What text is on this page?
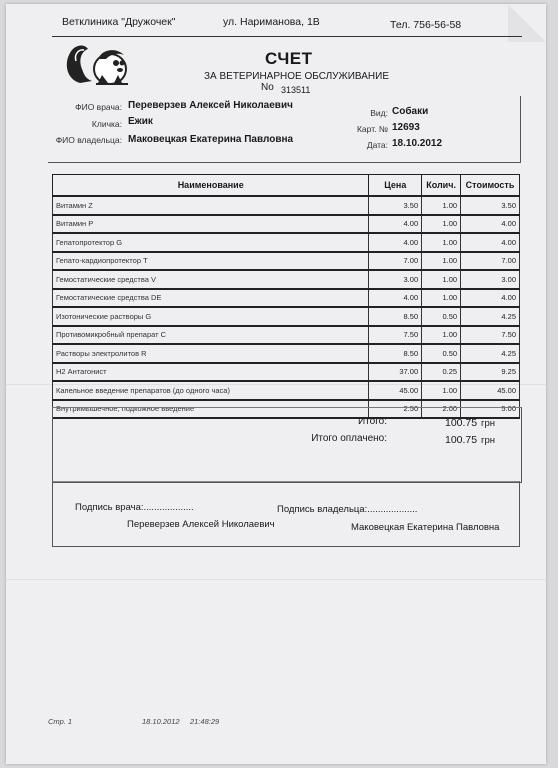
Ветклиника "Дружочек"	ул. Нариманова, 1В	Тел. 756-56-58
СЧЕТ
ЗА ВЕТЕРИНАРНОЕ ОБСЛУЖИВАНИЕ
No 313511
ФИО врача: Переверзев Алексей Николаевич
Кличка: Ежик
ФИО владельца: Маковецкая Екатерина Павловна
Вид: Собаки
Карт. № 12693
Дата: 18.10.2012
Наименование	Цена	Колич.	Стоимость
Витамин Z	3.50	1.00	3.50
Витамин P	4.00	1.00	4.00
Гепатопротектор G	4.00	1.00	4.00
Гепато-кардиопротектор T	7.00	1.00	7.00
Гемостатические средства V	3.00	1.00	3.00
Гемостатические средства DE	4.00	1.00	4.00
Изотонические растворы G	8.50	0.50	4.25
Противомикробный препарат C	7.50	1.00	7.50
Растворы электролитов R	8.50	0.50	4.25
H2 Антагонист	37.00	0.25	9.25
Капельное введение препаратов (до одного часа)	45.00	1.00	45.00
Внутримышечное, подкожное введение	2.50	2.00	5.00
Итого:	100.75 грн
Итого оплачено:	100.75 грн
Подпись врача:...................	Подпись владельца:...................
Переверзев Алексей Николаевич	Маковецкая Екатерина Павловна
Стр. 1	18.10.2012 21:48:29
